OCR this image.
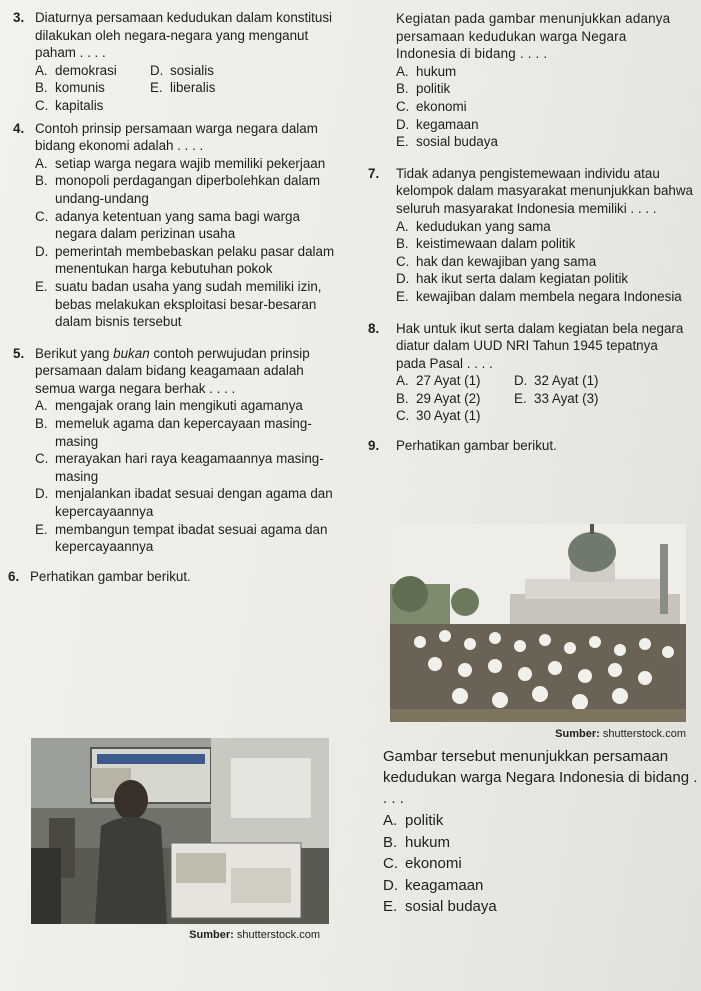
3. Diaturnya persamaan kedudukan dalam konstitusi dilakukan oleh negara-negara yang menganut paham . . . .
A. demokrasi	D. sosialis
B. komunis	E. liberalis
C. kapitalis
4. Contoh prinsip persamaan warga negara dalam bidang ekonomi adalah . . . .
A. setiap warga negara wajib memiliki pekerjaan
B. monopoli perdagangan diperbolehkan dalam undang-undang
C. adanya ketentuan yang sama bagi warga negara dalam perizinan usaha
D. pemerintah membebaskan pelaku pasar dalam menentukan harga kebutuhan pokok
E. suatu badan usaha yang sudah memiliki izin, bebas melakukan eksploitasi besar-besaran dalam bisnis tersebut
5. Berikut yang bukan contoh perwujudan prinsip persamaan dalam bidang keagamaan adalah semua warga negara berhak . . . .
A. mengajak orang lain mengikuti agamanya
B. memeluk agama dan kepercayaan masing-masing
C. merayakan hari raya keagamaannya masing-masing
D. menjalankan ibadat sesuai dengan agama dan kepercayaannya
E. membangun tempat ibadat sesuai agama dan kepercayaannya
6. Perhatikan gambar berikut.
Sumber: shutterstock.com
Kegiatan pada gambar menunjukkan adanya persamaan kedudukan warga Negara Indonesia di bidang . . . .
A. hukum
B. politik
C. ekonomi
D. kegamaan
E. sosial budaya
7. Tidak adanya pengistemewaan individu atau kelompok dalam masyarakat menunjukkan bahwa seluruh masyarakat Indonesia memiliki . . . .
A. kedudukan yang sama
B. keistimewaan dalam politik
C. hak dan kewajiban yang sama
D. hak ikut serta dalam kegiatan politik
E. kewajiban dalam membela negara Indonesia
8. Hak untuk ikut serta dalam kegiatan bela negara diatur dalam UUD NRI Tahun 1945 tepatnya pada Pasal . . . .
A. 27 Ayat (1)	D. 32 Ayat (1)
B. 29 Ayat (2)	E. 33 Ayat (3)
C. 30 Ayat (1)
9. Perhatikan gambar berikut.
Sumber: shutterstock.com
Gambar tersebut menunjukkan persamaan kedudukan warga Negara Indonesia di bidang . . . .
A. politik
B. hukum
C. ekonomi
D. keagamaan
E. sosial budaya
